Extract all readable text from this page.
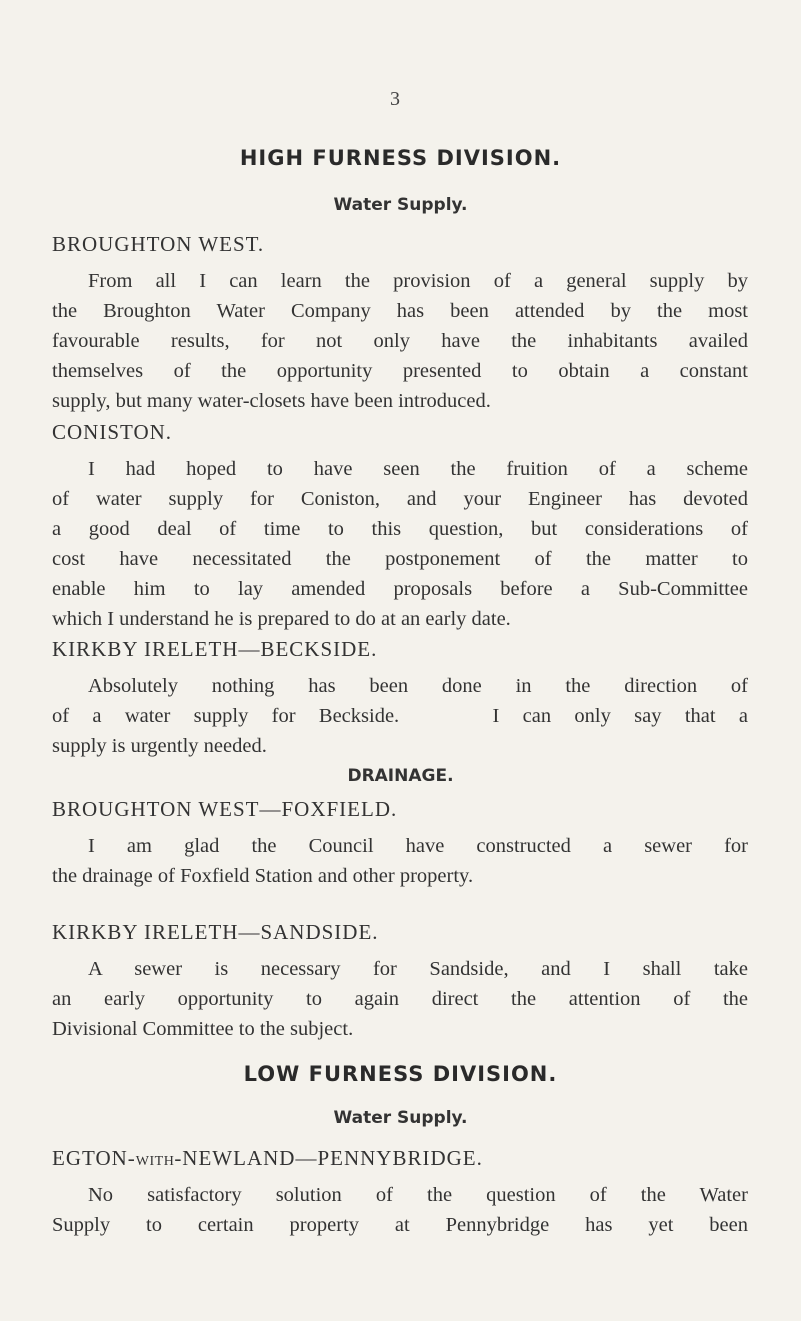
3
HIGH FURNESS DIVISION.
Water Supply.
BROUGHTON WEST.
From all I can learn the provision of a general supply by
the Broughton Water Company has been attended by the most
favourable results, for not only have the inhabitants availed
themselves of the opportunity presented to obtain a constant
supply, but many water-closets have been introduced.
CONISTON.
I had hoped to have seen the fruition of a scheme
of water supply for Coniston, and your Engineer has devoted
a good deal of time to this question, but considerations of
cost have necessitated the postponement of the matter to
enable him to lay amended proposals before a Sub-Committee
which I understand he is prepared to do at an early date.
KIRKBY IRELETH—BECKSIDE.
Absolutely nothing has been done in the direction of
of a water supply for Beckside.    I can only say that a
supply is urgently needed.
DRAINAGE.
BROUGHTON WEST—FOXFIELD.
I am glad the Council have constructed a sewer for
the drainage of Foxfield Station and other property.
KIRKBY IRELETH—SANDSIDE.
A sewer is necessary for Sandside, and I shall take
an early opportunity to again direct the attention of the
Divisional Committee to the subject.
LOW FURNESS DIVISION.
Water Supply.
EGTON-WITH-NEWLAND—PENNYBRIDGE.
No satisfactory solution of the question of the Water
Supply to certain property at Pennybridge has yet been
